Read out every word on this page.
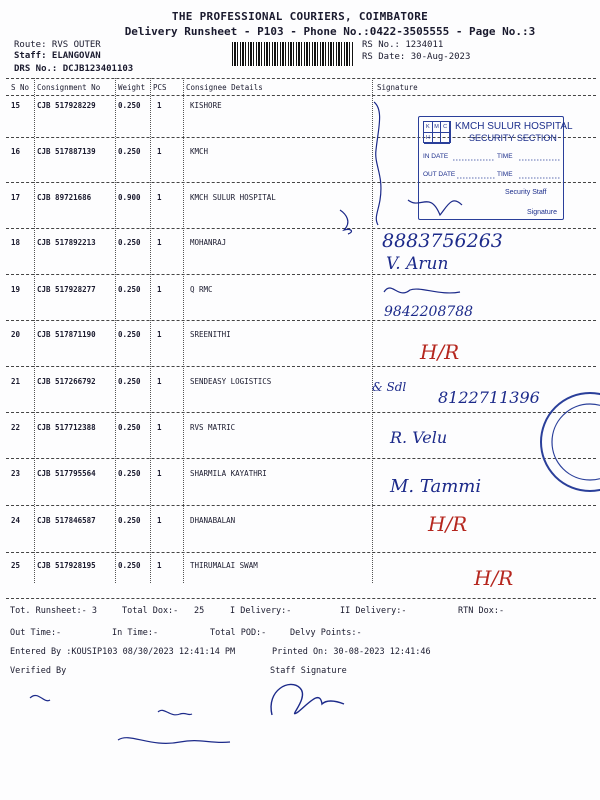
THE PROFESSIONAL COURIERS, COIMBATORE
Delivery Runsheet - P103 - Phone No.:0422-3505555 - Page No.:3
Route: RVS OUTER
Staff: ELANGOVAN
DRS No.: DCJB123401103
RS No.: 1234011
RS Date: 30-Aug-2023
S No Consignment No Weight PCS	Consignee Details	Signature
15 CJB 517928229	0.250 1	KISHORE
16 CJB 517887139	0.250 1	KMCH
17 CJB 89721686	0.900 1	KMCH SULUR HOSPITAL
18 CJB 517892213	0.250 1	MOHANRAJ
19 CJB 517928277	0.250 1	Q RMC
20 CJB 517871190	0.250 1	SREENITHI
21 CJB 517266792	0.250 1	SENDEASY LOGISTICS
22 CJB 517712388	0.250 1	RVS MATRIC
23 CJB 517795564	0.250 1	SHARMILA KAYATHRI
24 CJB 517846587	0.250 1	DHANABALAN
25 CJB 517928195	0.250 1	THIRUMALAI SWAM
Tot. Runsheet:- 3	Total Dox:- 25	I Delivery:-	II Delivery:-	RTN Dox:-
Out Time:-	In Time:-	Total POD:-	Delvy Points:-
Entered By :KOUSIP103 08/30/2023 12:41:14 PM	Printed On: 30-08-2023 12:41:46
Verified By	Staff Signature
K M C
H
KMCH SULUR HOSPITAL
SECURITY SECTION
IN DATE	TIME
OUT DATE	TIME
Security Staff
Signature
8883756263
V. Arun
9842208788
H/R
& Sdl
8122711396
R. Velu
M. Tammi
H/R
H/R
